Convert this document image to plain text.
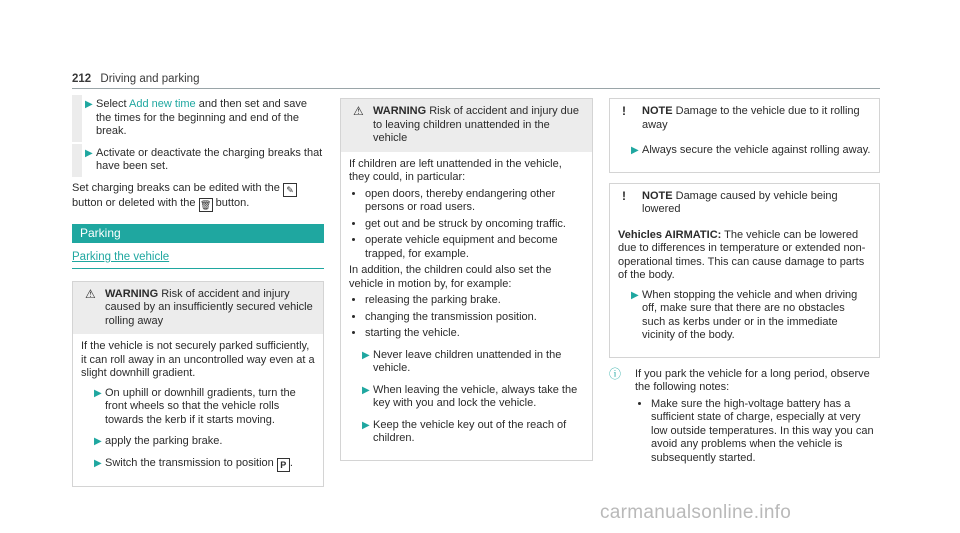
212 Driving and parking
▶ Select Add new time and then set and save the times for the beginning and end of the break.

▶ Activate or deactivate the charging breaks that have been set.

Set charging breaks can be edited with the ✎ button or deleted with the 🗑 button.

Parking
Parking the vehicle
⚠ WARNING Risk of accident and injury caused by an insufficiently secured vehicle rolling away

If the vehicle is not securely parked sufficiently, it can roll away in an uncontrolled way even at a slight downhill gradient.

▶ On uphill or downhill gradients, turn the front wheels so that the vehicle rolls towards the kerb if it starts moving.

▶ apply the parking brake.

▶ Switch the transmission to position P .

⚠ WARNING Risk of accident and injury due to leaving children unattended in the vehicle

If children are left unattended in the vehicle, they could, in particular:

• open doors, thereby endangering other persons or road users.
• get out and be struck by oncoming traffic.
• operate vehicle equipment and become trapped, for example.

In addition, the children could also set the vehicle in motion by, for example:

• releasing the parking brake.
• changing the transmission position.
• starting the vehicle.
▶ Never leave children unattended in the vehicle.

▶ When leaving the vehicle, always take the key with you and lock the vehicle.

▶ Keep the vehicle key out of the reach of children.

! NOTE Damage to the vehicle due to it rolling away
▶ Always secure the vehicle against rolling away.

! NOTE Damage caused by vehicle being lowered

Vehicles AIRMATIC: The vehicle can be lowered due to differences in temperature or extended non-operational times. This can cause damage to parts of the body.

▶ When stopping the vehicle and when driving off, make sure that there are no obstacles such as kerbs under or in the immediate vicinity of the body.

ⓘ If you park the vehicle for a long period, observe the following notes:

• Make sure the high-voltage battery has a sufficient state of charge, especially at very low outside temperatures. In this way you can avoid any problems when the vehicle is subsequently started.
carmanualsonline.info
